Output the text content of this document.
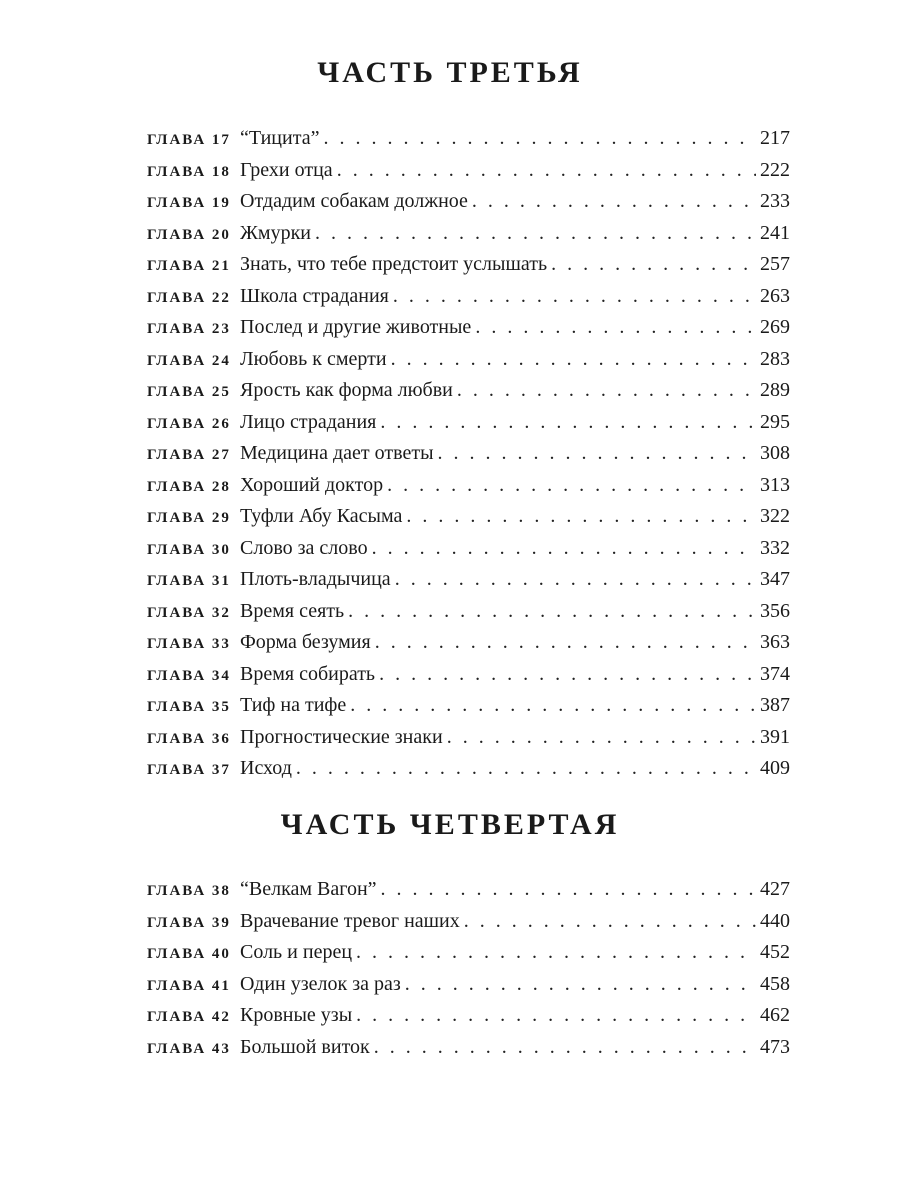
ЧАСТЬ ТРЕТЬЯ
ГЛАВА 17 “Тицита” . . .	217
ГЛАВА 18 Грехи отца . . .	222
ГЛАВА 19 Отдадим собакам должное . . .	233
ГЛАВА 20 Жмурки . . .	241
ГЛАВА 21 Знать, что тебе предстоит услышать . . .	257
ГЛАВА 22 Школа страдания . . .	263
ГЛАВА 23 Послед и другие животные . . .	269
ГЛАВА 24 Любовь к смерти . . .	283
ГЛАВА 25 Ярость как форма любви . . .	289
ГЛАВА 26 Лицо страдания . . .	295
ГЛАВА 27 Медицина дает ответы . . .	308
ГЛАВА 28 Хороший доктор . . .	313
ГЛАВА 29 Туфли Абу Касыма . . .	322
ГЛАВА 30 Слово за слово . . .	332
ГЛАВА 31 Плоть-владычица . . .	347
ГЛАВА 32 Время сеять . . .	356
ГЛАВА 33 Форма безумия . . .	363
ГЛАВА 34 Время собирать . . .	374
ГЛАВА 35 Тиф на тифе . . .	387
ГЛАВА 36 Прогностические знаки . . .	391
ГЛАВА 37 Исход . . .	409
ЧАСТЬ ЧЕТВЕРТАЯ
ГЛАВА 38 “Велкам Вагон” . . .	427
ГЛАВА 39 Врачевание тревог наших . . .	440
ГЛАВА 40 Соль и перец . . .	452
ГЛАВА 41 Один узелок за раз . . .	458
ГЛАВА 42 Кровные узы . . .	462
ГЛАВА 43 Большой виток . . .	473
